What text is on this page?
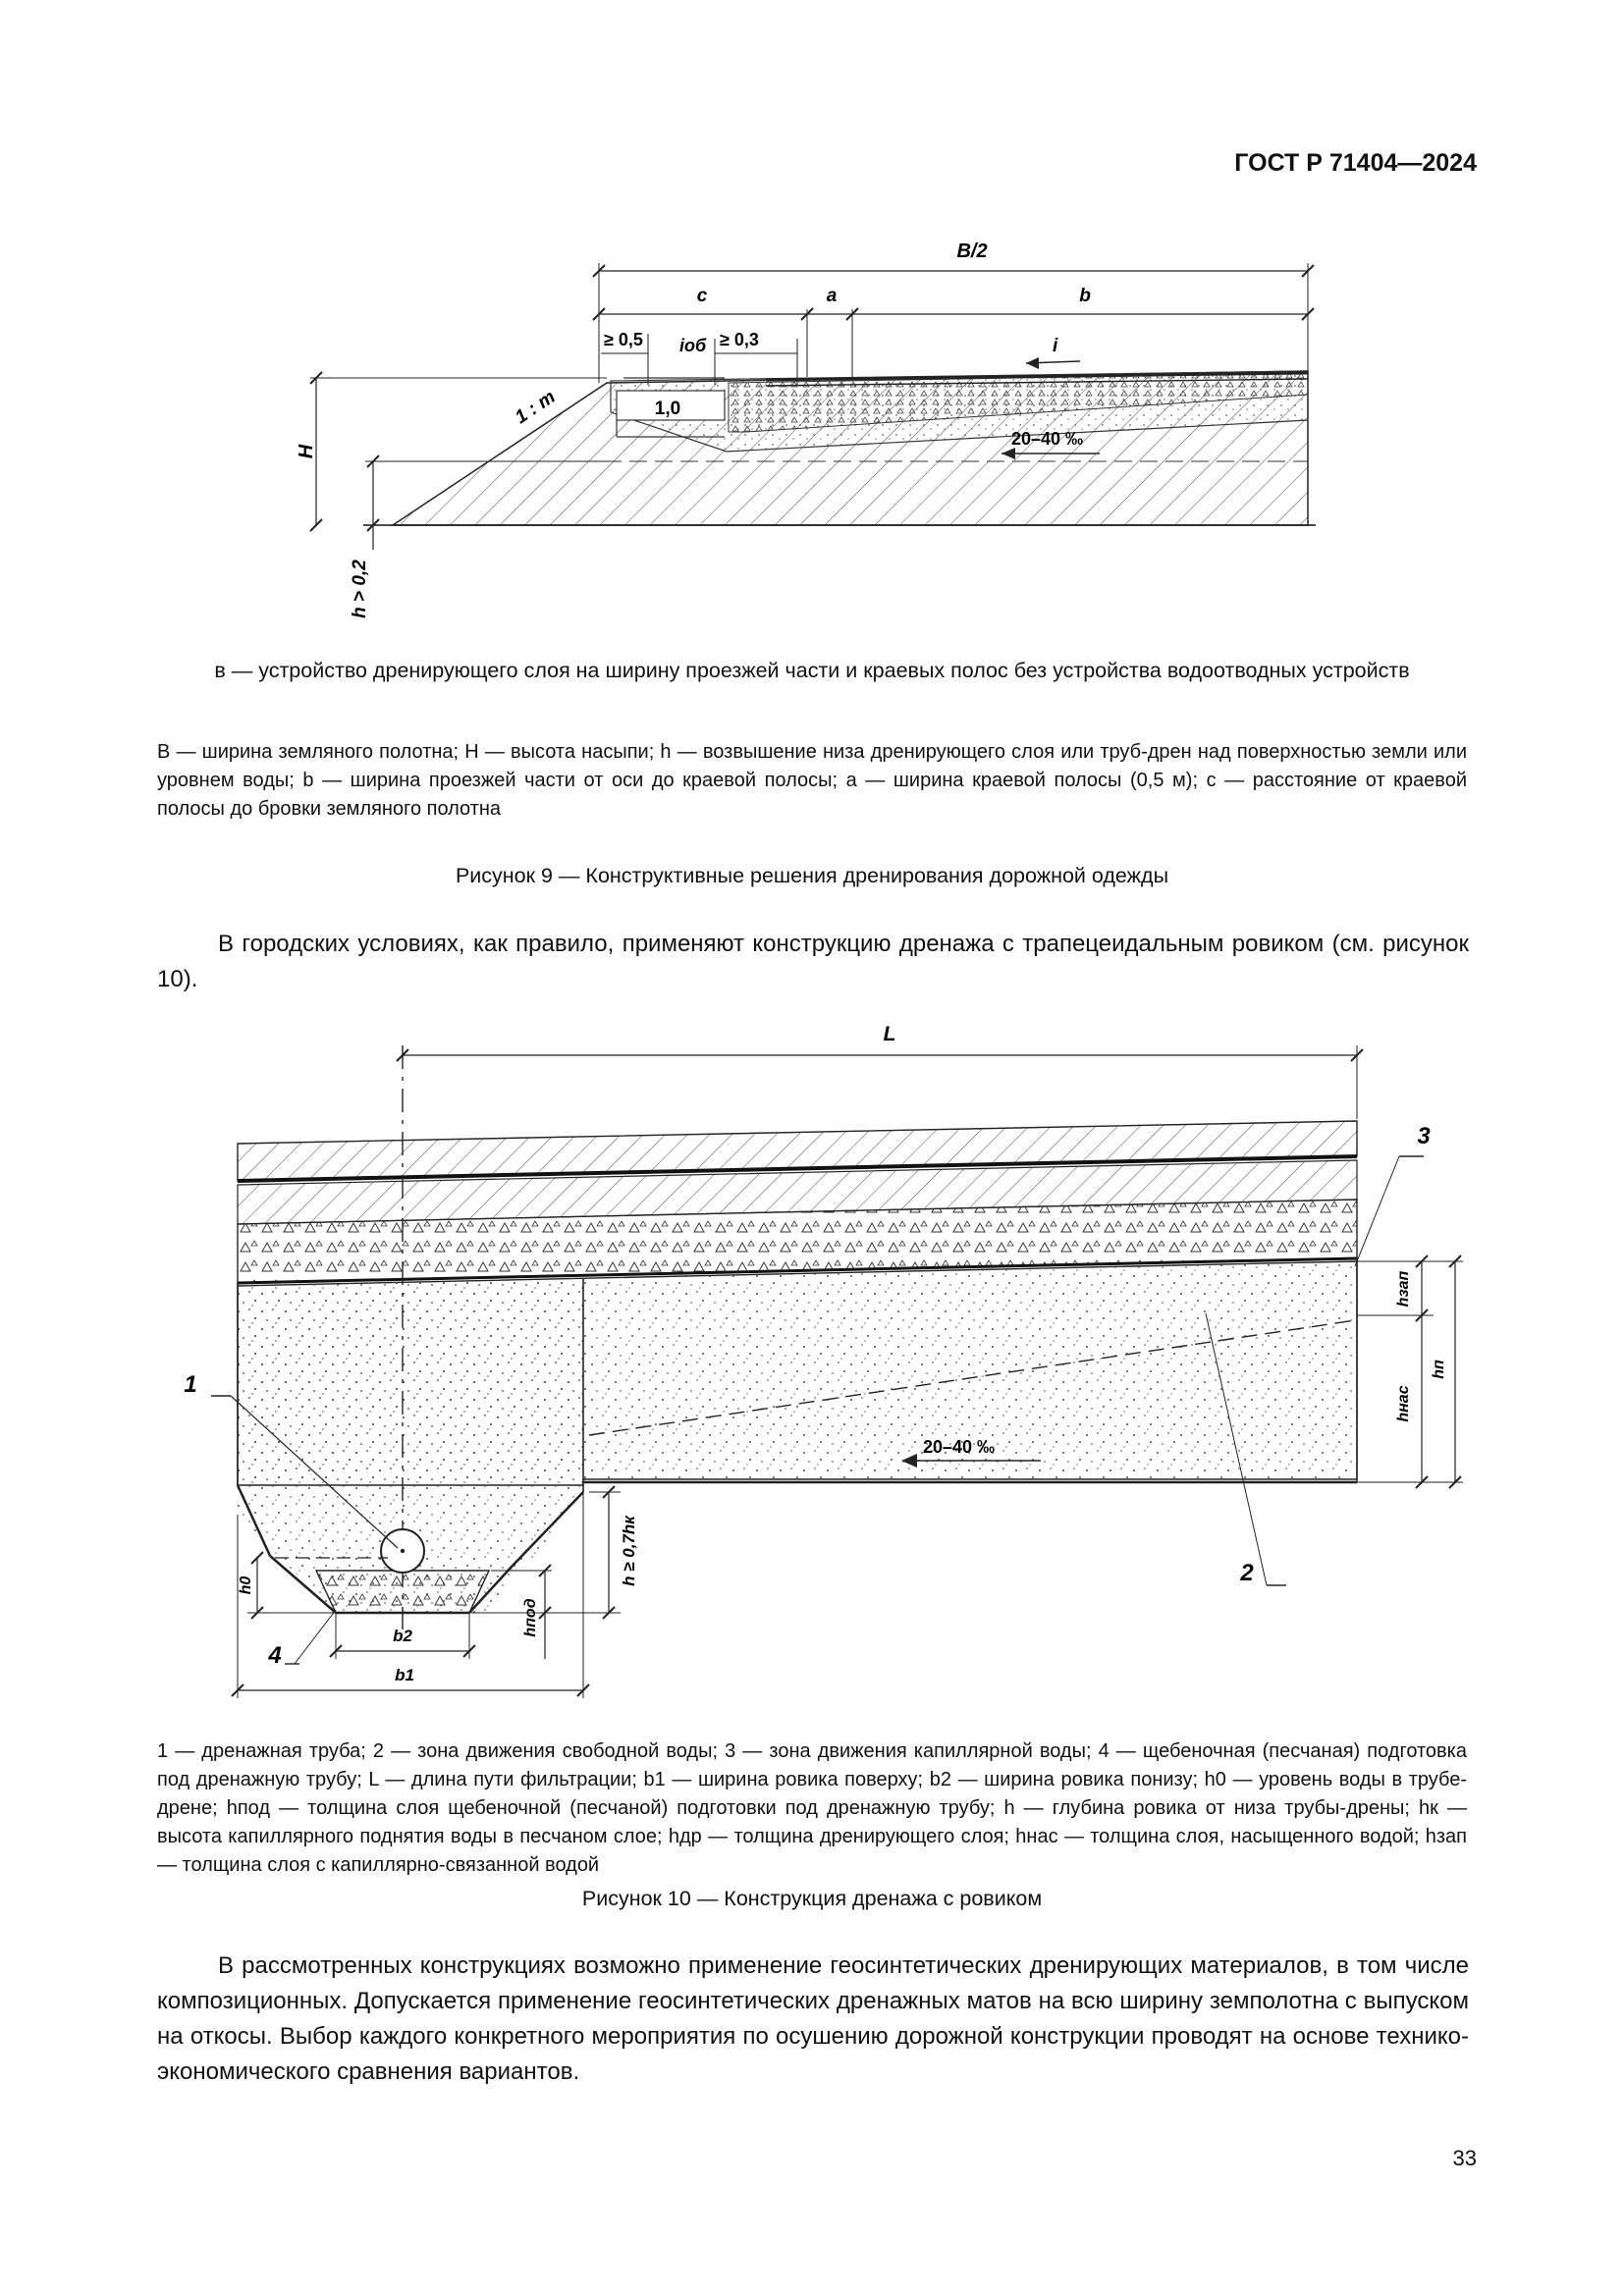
ГОСТ Р 71404—2024
B/2
c	a	b
≥ 0,5 iоб ≥ 0,3	i
1 : m	1,0
20–40 ‰
H
h > 0,2
в — устройство дренирующего слоя на ширину проезжей части и краевых полос без устройства водоотводных устройств
B — ширина земляного полотна; H — высота насыпи; h — возвышение низа дренирующего слоя или труб-дрен над поверхностью земли или уровнем воды; b — ширина проезжей части от оси до краевой полосы; a — ширина краевой полосы (0,5 м); c — расстояние от краевой полосы до бровки земляного полотна
Рисунок 9 — Конструктивные решения дренирования дорожной одежды

В городских условиях, как правило, применяют конструкцию дренажа с трапецеидальным ровиком (см. рисунок 10).

L
3
1
2
4
20–40 ‰
h ≥ 0,7hк
hзап
hнас
hп
h0
hпод
b2
b1
1 — дренажная труба; 2 — зона движения свободной воды; 3 — зона движения капиллярной воды; 4 — щебеночная (песчаная) подготовка под дренажную трубу; L — длина пути фильтрации; b1 — ширина ровика поверху; b2 — ширина ровика понизу; h0 — уровень воды в трубе-дрене; hпод — толщина слоя щебеночной (песчаной) подготовки под дренажную трубу; h — глубина ровика от низа трубы-дрены; hк — высота капиллярного поднятия воды в песчаном слое; hдр — толщина дренирующего слоя; hнас — толщина слоя, насыщенного водой; hзап — толщина слоя с капиллярно-связанной водой
Рисунок 10 — Конструкция дренажа с ровиком

В рассмотренных конструкциях возможно применение геосинтетических дренирующих материалов, в том числе композиционных. Допускается применение геосинтетических дренажных матов на всю ширину земполотна с выпуском на откосы. Выбор каждого конкретного мероприятия по осушению дорожной конструкции проводят на основе технико-экономического сравнения вариантов.

33
